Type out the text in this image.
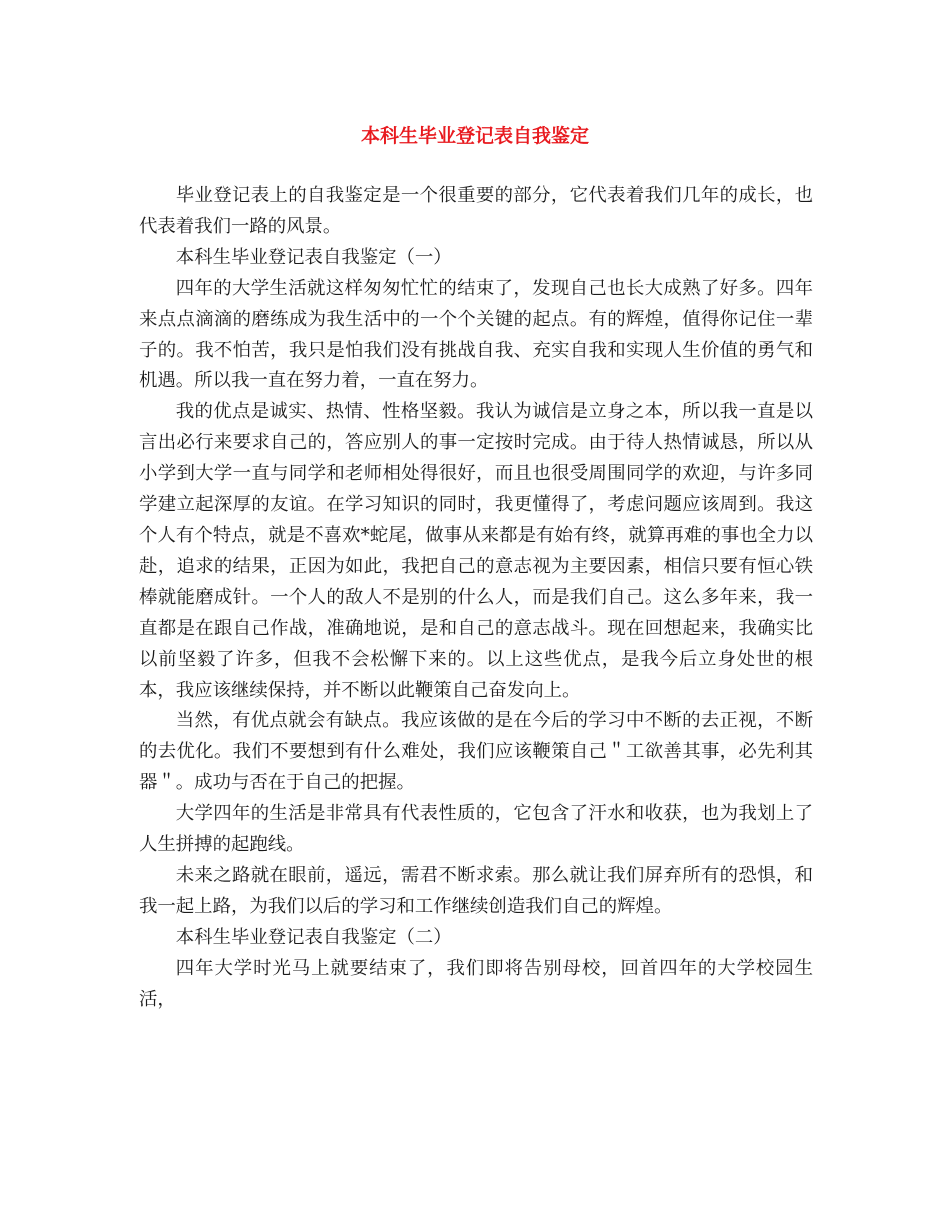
本科生毕业登记表自我鉴定

毕业登记表上的自我鉴定是一个很重要的部分，它代表着我们几年的成长，也代表着我们一路的风景。

本科生毕业登记表自我鉴定（一）

四年的大学生活就这样匆匆忙忙的结束了，发现自己也长大成熟了好多。四年来点点滴滴的磨练成为我生活中的一个个关键的起点。有的辉煌，值得你记住一辈子的。我不怕苦，我只是怕我们没有挑战自我、充实自我和实现人生价值的勇气和机遇。所以我一直在努力着，一直在努力。

我的优点是诚实、热情、性格坚毅。我认为诚信是立身之本，所以我一直是以言出必行来要求自己的，答应别人的事一定按时完成。由于待人热情诚恳，所以从小学到大学一直与同学和老师相处得很好，而且也很受周围同学的欢迎，与许多同学建立起深厚的友谊。在学习知识的同时，我更懂得了，考虑问题应该周到。我这个人有个特点，就是不喜欢*蛇尾，做事从来都是有始有终，就算再难的事也全力以赴，追求的结果，正因为如此，我把自己的意志视为主要因素，相信只要有恒心铁棒就能磨成针。一个人的敌人不是别的什么人，而是我们自己。这么多年来，我一直都是在跟自己作战，准确地说，是和自己的意志战斗。现在回想起来，我确实比以前坚毅了许多，但我不会松懈下来的。以上这些优点，是我今后立身处世的根本，我应该继续保持，并不断以此鞭策自己奋发向上。

当然，有优点就会有缺点。我应该做的是在今后的学习中不断的去正视，不断的去优化。我们不要想到有什么难处，我们应该鞭策自己＂工欲善其事，必先利其器＂。成功与否在于自己的把握。

大学四年的生活是非常具有代表性质的，它包含了汗水和收获，也为我划上了人生拼搏的起跑线。

未来之路就在眼前，遥远，需君不断求索。那么就让我们屏弃所有的恐惧，和我一起上路，为我们以后的学习和工作继续创造我们自己的辉煌。

本科生毕业登记表自我鉴定（二）

四年大学时光马上就要结束了，我们即将告别母校，回首四年的大学校园生活，
